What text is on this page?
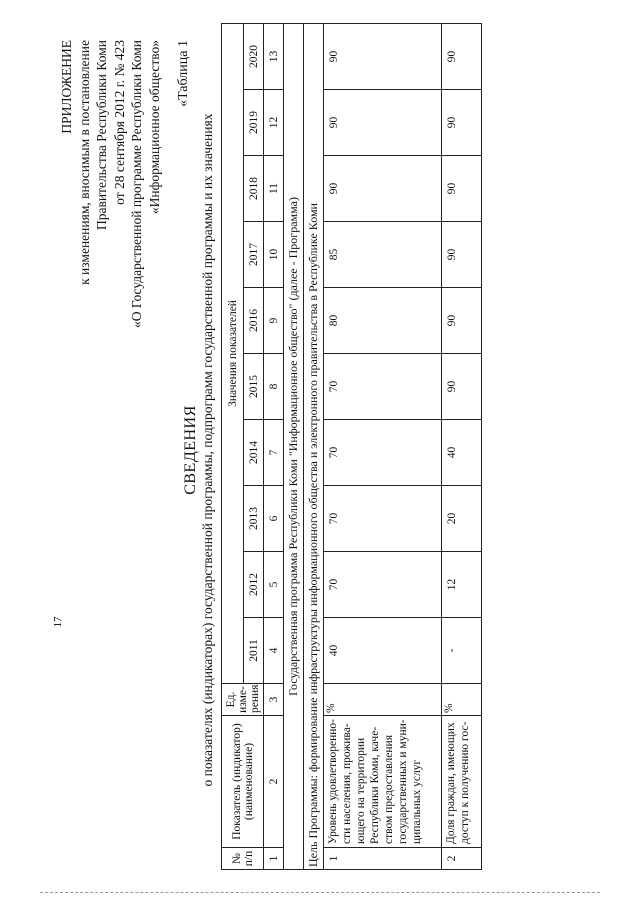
ПРИЛОЖЕНИЕ к изменениям, вносимым в постановление Правительства Республики Коми от 28 сентября 2012 г. № 423 «О Государственной программе Республики Коми «Информационное общество» «Таблица 1
СВЕДЕНИЯ о показателях (индикаторах) государственной программы, подпрограмм государственной программы и их значениях
№ п/п	Показатель (индикатор) (наименование)	Ед. изме-рения	Значения показателей									
			2011	2012	2013	2014	2015	2016	2017	2018	2019	2020
1	2	3	4	5	6	7	8	9	10	11	12	13
Государственная программа Республики Коми "Информационное общество" (далее - Программа)												
Цель Программы: формирование инфраструктуры информационного общества и электронного правительства в Республике Коми												
1	Уровень удовлетворенно-сти населения, прожива-ющего на территории Республики Коми, каче-ством предоставления государственных и муни-ципальных услуг	%	40	70	70	70	70	80	85	90	90	90
2	Доля граждан, имеющих доступ к получению гос-	%	-	12	20	40	90	90	90	90	90	90
17
